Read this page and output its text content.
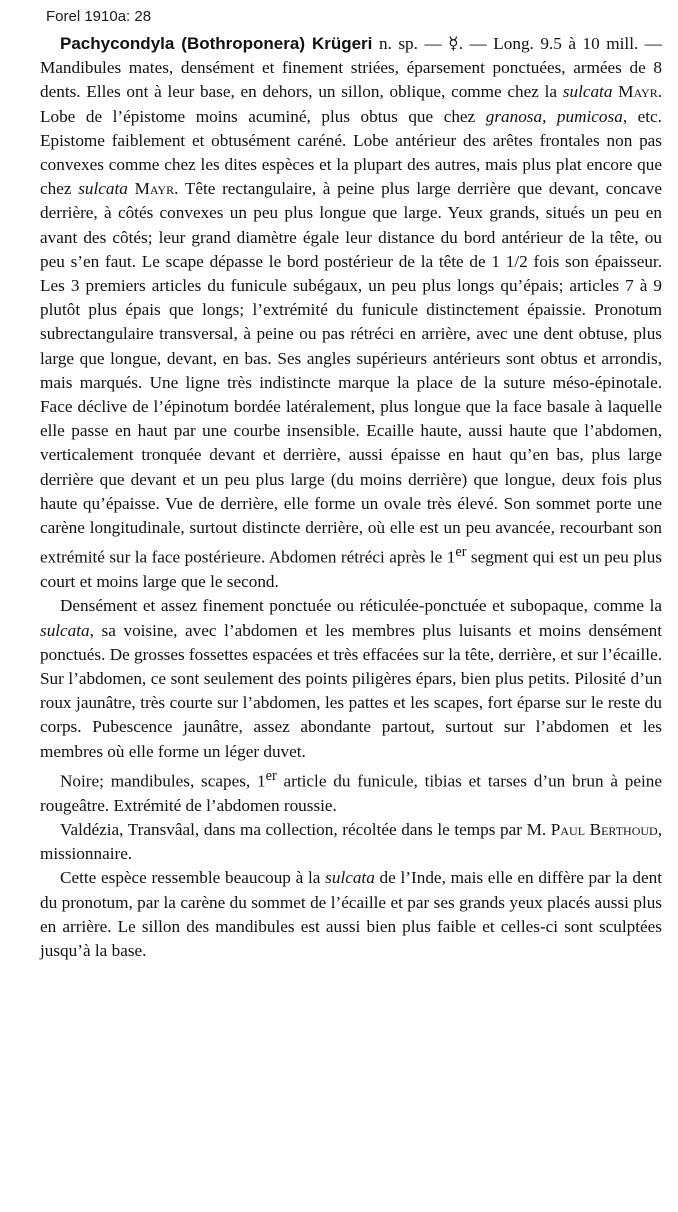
Forel 1910a: 28

Pachycondyla (Bothroponera) Krügeri n. sp. — ☿. — Long. 9.5 à 10 mill. — Mandibules mates, densément et finement striées, éparsement ponctuées, armées de 8 dents. Elles ont à leur base, en dehors, un sillon, oblique, comme chez la sulcata Mayr. Lobe de l’épistome moins acuminé, plus obtus que chez granosa, pumicosa, etc. Epistome faiblement et obtusément caréné. Lobe antérieur des arêtes frontales non pas convexes comme chez les dites espèces et la plupart des autres, mais plus plat encore que chez sulcata Mayr. Tête rectangulaire, à peine plus large derrière que devant, concave derrière, à côtés convexes un peu plus longue que large. Yeux grands, situés un peu en avant des côtés; leur grand diamètre égale leur distance du bord antérieur de la tête, ou peu s’en faut. Le scape dépasse le bord postérieur de la tête de 1 1/2 fois son épaisseur. Les 3 premiers articles du funicule subégaux, un peu plus longs qu’épais; articles 7 à 9 plutôt plus épais que longs; l’extrémité du funicule distinctement épaissie. Pronotum subrectangulaire transversal, à peine ou pas rétréci en arrière, avec une dent obtuse, plus large que longue, devant, en bas. Ses angles supérieurs antérieurs sont obtus et arrondis, mais marqués. Une ligne très indistincte marque la place de la suture méso-épinotale. Face déclive de l’épinotum bordée latéralement, plus longue que la face basale à laquelle elle passe en haut par une courbe insensible. Ecaille haute, aussi haute que l’abdomen, verticalement tronquée devant et derrière, aussi épaisse en haut qu’en bas, plus large derrière que devant et un peu plus large (du moins derrière) que longue, deux fois plus haute qu’épaisse. Vue de derrière, elle forme un ovale très élevé. Son sommet porte une carène longitudinale, surtout distincte derrière, où elle est un peu avancée, recourbant son extrémité sur la face postérieure. Abdomen rétréci après le 1er segment qui est un peu plus court et moins large que le second.

Densément et assez finement ponctuée ou réticulée-ponctuée et subopaque, comme la sulcata, sa voisine, avec l’abdomen et les membres plus luisants et moins densément ponctués. De grosses fossettes espacées et très effacées sur la tête, derrière, et sur l’écaille. Sur l’abdomen, ce sont seulement des points piligères épars, bien plus petits. Pilosité d’un roux jaunâtre, très courte sur l’abdomen, les pattes et les scapes, fort éparse sur le reste du corps. Pubescence jaunâtre, assez abondante partout, surtout sur l’abdomen et les membres où elle forme un léger duvet.

Noire; mandibules, scapes, 1er article du funicule, tibias et tarses d’un brun à peine rougeâtre. Extrémité de l’abdomen roussie.

Valdézia, Transvâal, dans ma collection, récoltée dans le temps par M. Paul Berthoud, missionnaire.

Cette espèce ressemble beaucoup à la sulcata de l’Inde, mais elle en diffère par la dent du pronotum, par la carène du sommet de l’écaille et par ses grands yeux placés aussi plus en arrière. Le sillon des mandibules est aussi bien plus faible et celles-ci sont sculptées jusqu’à la base.
